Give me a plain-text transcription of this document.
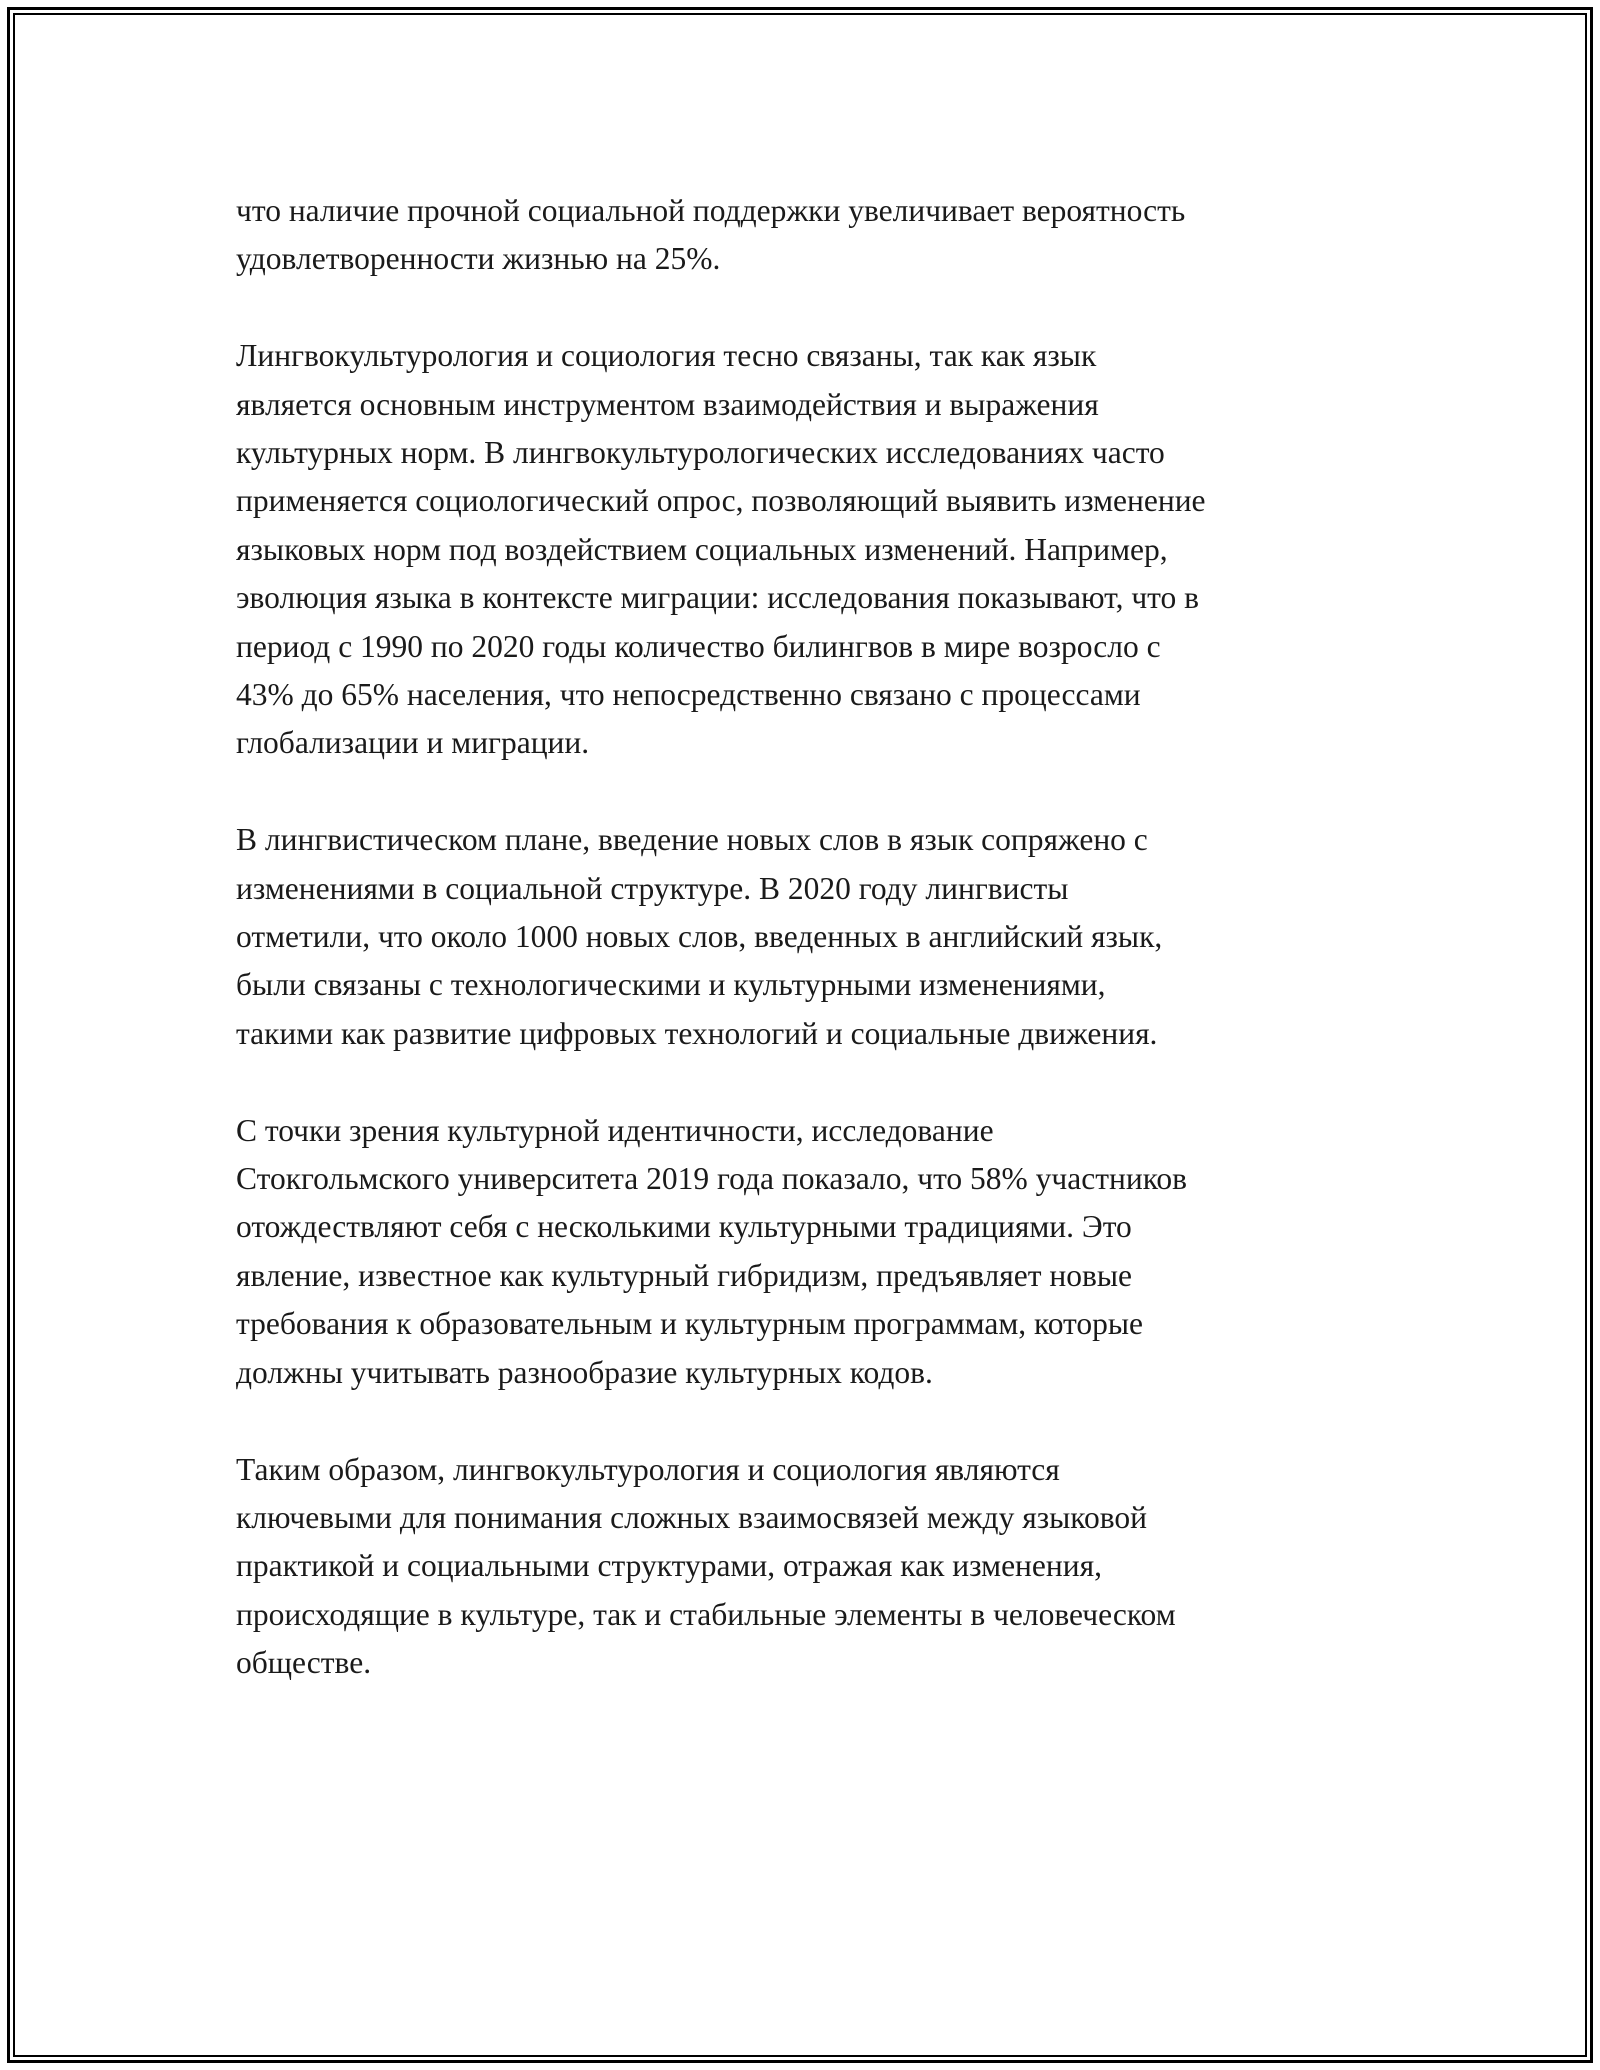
что наличие прочной социальной поддержки увеличивает вероятность
удовлетворенности жизнью на 25%.

Лингвокультурология и социология тесно связаны, так как язык
является основным инструментом взаимодействия и выражения
культурных норм. В лингвокультурологических исследованиях часто
применяется социологический опрос, позволяющий выявить изменение
языковых норм под воздействием социальных изменений. Например,
эволюция языка в контексте миграции: исследования показывают, что в
период с 1990 по 2020 годы количество билингвов в мире возросло с
43% до 65% населения, что непосредственно связано с процессами
глобализации и миграции.

В лингвистическом плане, введение новых слов в язык сопряжено с
изменениями в социальной структуре. В 2020 году лингвисты
отметили, что около 1000 новых слов, введенных в английский язык,
были связаны с технологическими и культурными изменениями,
такими как развитие цифровых технологий и социальные движения.

С точки зрения культурной идентичности, исследование
Стокгольмского университета 2019 года показало, что 58% участников
отождествляют себя с несколькими культурными традициями. Это
явление, известное как культурный гибридизм, предъявляет новые
требования к образовательным и культурным программам, которые
должны учитывать разнообразие культурных кодов.

Таким образом, лингвокультурология и социология являются
ключевыми для понимания сложных взаимосвязей между языковой
практикой и социальными структурами, отражая как изменения,
происходящие в культуре, так и стабильные элементы в человеческом
обществе.
